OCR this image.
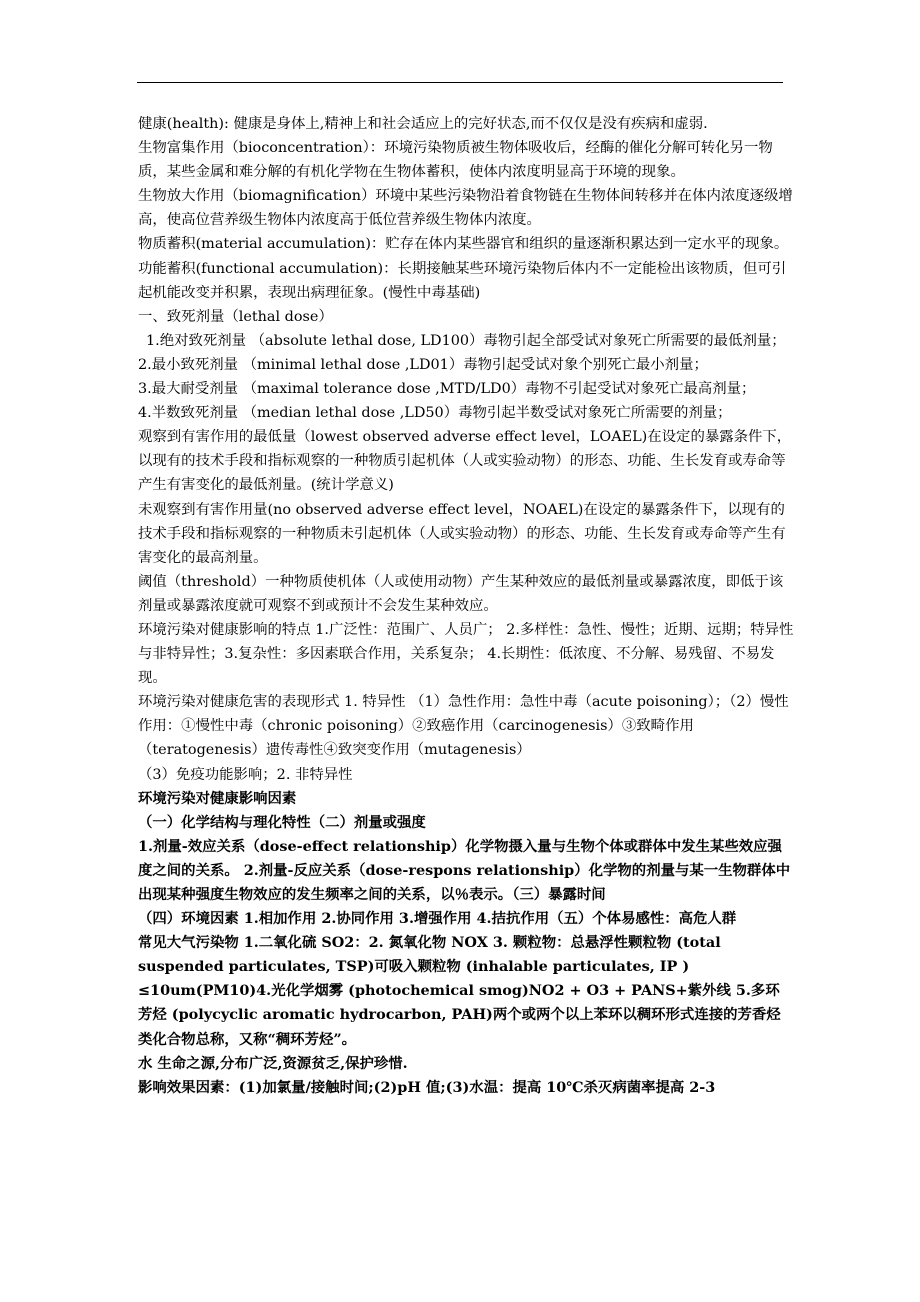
健康(health): 健康是身体上,精神上和社会适应上的完好状态,而不仅仅是没有疾病和虚弱.

生物富集作用（bioconcentration）：环境污染物质被生物体吸收后，经酶的催化分解可转化另一物质，某些金属和难分解的有机化学物在生物体蓄积，使体内浓度明显高于环境的现象。

生物放大作用（biomagnification）环境中某些污染物沿着食物链在生物体间转移并在体内浓度逐级增高，使高位营养级生物体内浓度高于低位营养级生物体内浓度。

物质蓄积(material accumulation)：贮存在体内某些器官和组织的量逐渐积累达到一定水平的现象。

功能蓄积(functional accumulation)：长期接触某些环境污染物后体内不一定能检出该物质，但可引起机能改变并积累，表现出病理征象。(慢性中毒基础)

一、致死剂量（lethal dose）

1.绝对致死剂量 （absolute lethal dose, LD100）毒物引起全部受试对象死亡所需要的最低剂量；

2.最小致死剂量 （minimal lethal dose ,LD01）毒物引起受试对象个别死亡最小剂量；

3.最大耐受剂量 （maximal tolerance dose ,MTD/LD0）毒物不引起受试对象死亡最高剂量；

4.半数致死剂量 （median lethal dose ,LD50）毒物引起半数受试对象死亡所需要的剂量；

观察到有害作用的最低量（lowest observed adverse effect level，LOAEL)在设定的暴露条件下，以现有的技术手段和指标观察的一种物质引起机体（人或实验动物）的形态、功能、生长发育或寿命等产生有害变化的最低剂量。(统计学意义)

未观察到有害作用量(no observed adverse effect level，NOAEL)在设定的暴露条件下，以现有的技术手段和指标观察的一种物质未引起机体（人或实验动物）的形态、功能、生长发育或寿命等产生有害变化的最高剂量。

阈值（threshold）一种物质使机体（人或使用动物）产生某种效应的最低剂量或暴露浓度，即低于该剂量或暴露浓度就可观察不到或预计不会发生某种效应。

环境污染对健康影响的特点 1.广泛性：范围广、人员广； 2.多样性：急性、慢性；近期、远期；特异性与非特异性；3.复杂性：多因素联合作用，关系复杂； 4.长期性：低浓度、不分解、易残留、不易发现。

环境污染对健康危害的表现形式 1. 特异性 （1）急性作用：急性中毒（acute poisoning）；（2）慢性作用：①慢性中毒（chronic poisoning）②致癌作用（carcinogenesis）③致畸作用（teratogenesis）遗传毒性④致突变作用（mutagenesis）

（3）免疫功能影响；2. 非特异性

环境污染对健康影响因素

（一）化学结构与理化特性（二）剂量或强度

1.剂量-效应关系（dose-effect relationship）化学物摄入量与生物个体或群体中发生某些效应强度之间的关系。 2.剂量-反应关系（dose-respons relationship）化学物的剂量与某一生物群体中出现某种强度生物效应的发生频率之间的关系，以％表示。（三）暴露时间

（四）环境因素 1.相加作用 2.协同作用 3.增强作用 4.拮抗作用（五）个体易感性：高危人群

常见大气污染物 1.二氧化硫 SO2：2. 氮氧化物 NOX 3. 颗粒物：总悬浮性颗粒物 (total suspended particulates, TSP)可吸入颗粒物 (inhalable particulates, IP ) ≤10um(PM10)4.光化学烟雾 (photochemical smog)NO2 + O3 + PANS+紫外线 5.多环芳烃 (polycyclic aromatic hydrocarbon, PAH)两个或两个以上苯环以稠环形式连接的芳香烃类化合物总称，又称“稠环芳烃”。

水 生命之源,分布广泛,资源贫乏,保护珍惜.

影响效果因素：(1)加氯量/接触时间;(2)pH 值;(3)水温：提高 10℃杀灭病菌率提高 2-3
